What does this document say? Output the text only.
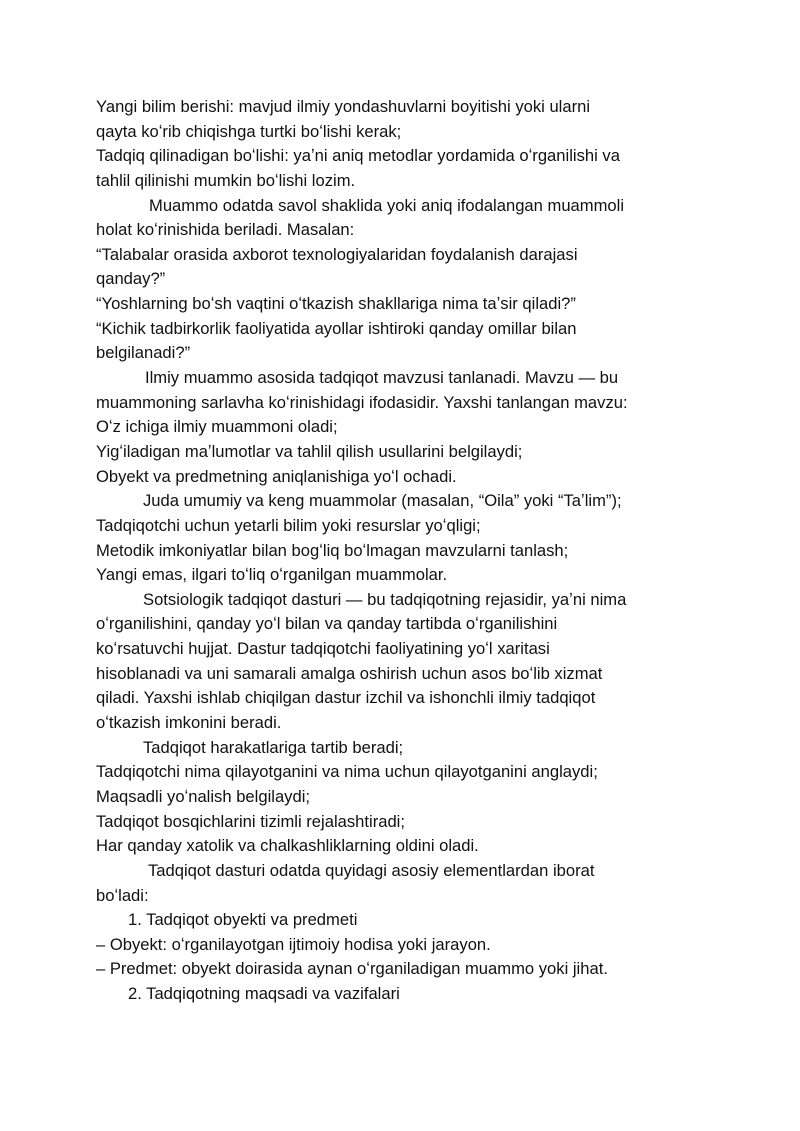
Yangi bilim berishi: mavjud ilmiy yondashuvlarni boyitishi yoki ularni
qayta koʻrib chiqishga turtki boʻlishi kerak;
Tadqiq qilinadigan boʻlishi: yaʼni aniq metodlar yordamida oʻrganilishi va
tahlil qilinishi mumkin boʻlishi lozim.
Muammo odatda savol shaklida yoki aniq ifodalangan muammoli
holat koʻrinishida beriladi. Masalan:
“Talabalar orasida axborot texnologiyalaridan foydalanish darajasi
qanday?”
“Yoshlarning boʻsh vaqtini oʻtkazish shakllariga nima taʼsir qiladi?”
“Kichik tadbirkorlik faoliyatida ayollar ishtiroki qanday omillar bilan
belgilanadi?”
Ilmiy muammo asosida tadqiqot mavzusi tanlanadi. Mavzu — bu
muammoning sarlavha koʻrinishidagi ifodasidir. Yaxshi tanlangan mavzu:
Oʻz ichiga ilmiy muammoni oladi;
Yigʻiladigan maʼlumotlar va tahlil qilish usullarini belgilaydi;
Obyekt va predmetning aniqlanishiga yoʻl ochadi.
Juda umumiy va keng muammolar (masalan, “Oila” yoki “Taʼlim”);
Tadqiqotchi uchun yetarli bilim yoki resurslar yoʻqligi;
Metodik imkoniyatlar bilan bogʻliq boʻlmagan mavzularni tanlash;
Yangi emas, ilgari toʻliq oʻrganilgan muammolar.
Sotsiologik tadqiqot dasturi — bu tadqiqotning rejasidir, yaʼni nima
oʻrganilishini, qanday yoʻl bilan va qanday tartibda oʻrganilishini
koʻrsatuvchi hujjat. Dastur tadqiqotchi faoliyatining yoʻl xaritasi
hisoblanadi va uni samarali amalga oshirish uchun asos boʻlib xizmat
qiladi. Yaxshi ishlab chiqilgan dastur izchil va ishonchli ilmiy tadqiqot
oʻtkazish imkonini beradi.
Tadqiqot harakatlariga tartib beradi;
Tadqiqotchi nima qilayotganini va nima uchun qilayotganini anglaydi;
Maqsadli yoʻnalish belgilaydi;
Tadqiqot bosqichlarini tizimli rejalashtiradi;
Har qanday xatolik va chalkashliklarning oldini oladi.
Tadqiqot dasturi odatda quyidagi asosiy elementlardan iborat
boʻladi:
1. Tadqiqot obyekti va predmeti
– Obyekt: oʻrganilayotgan ijtimoiy hodisa yoki jarayon.
– Predmet: obyekt doirasida aynan oʻrganiladigan muammo yoki jihat.
2. Tadqiqotning maqsadi va vazifalari
